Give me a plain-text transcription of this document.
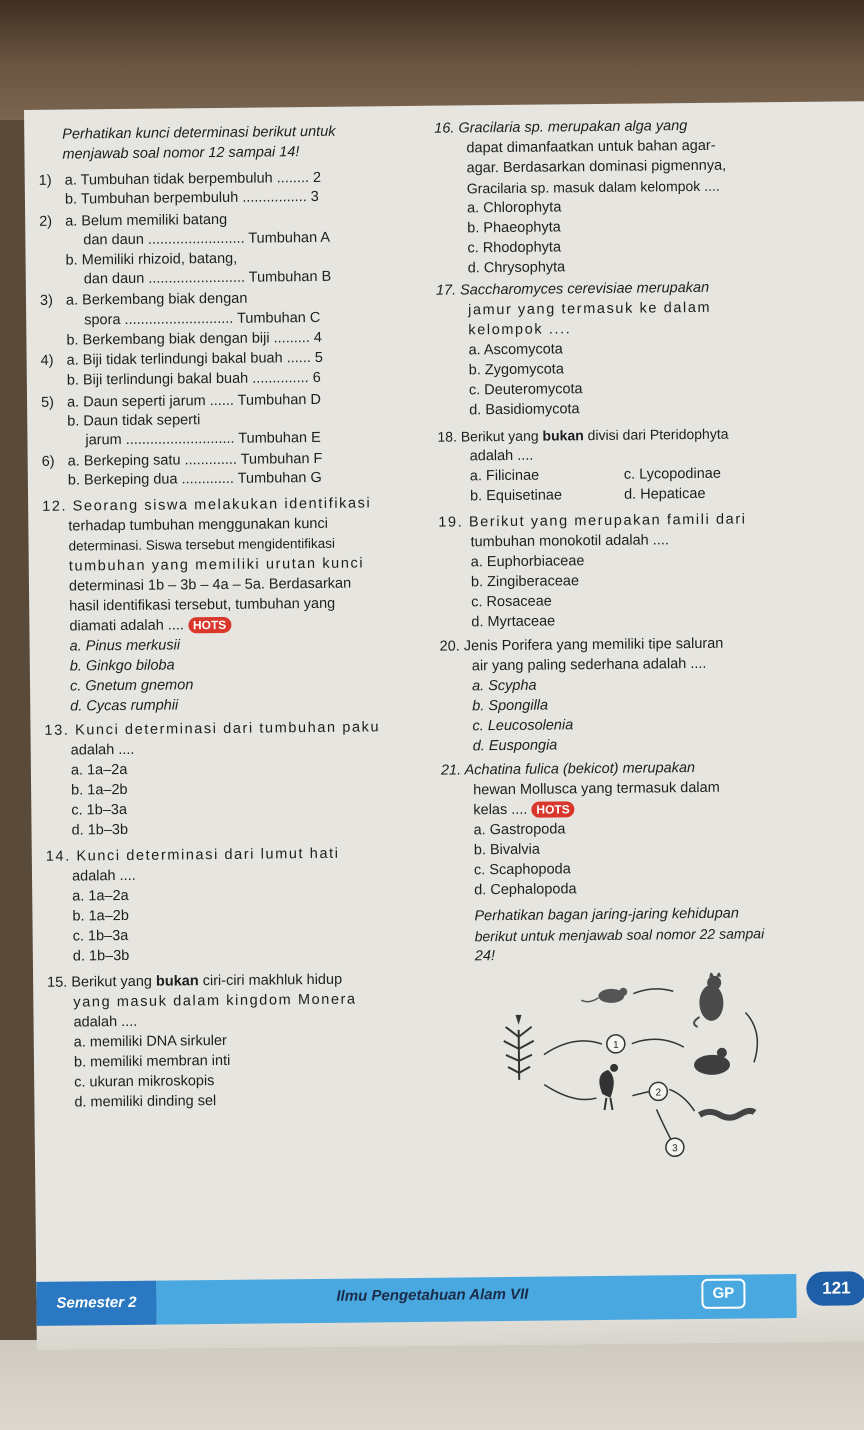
Perhatikan kunci determinasi berikut untuk
menjawab soal nomor 12 sampai 14!
1) a. Tumbuhan tidak berpembuluh ........ 2
b. Tumbuhan berpembuluh ................ 3
2) a. Belum memiliki batang
dan daun ........................ Tumbuhan A
b. Memiliki rhizoid, batang,
dan daun ........................ Tumbuhan B
3) a. Berkembang biak dengan
spora ........................... Tumbuhan C
b. Berkembang biak dengan biji ......... 4
4) a. Biji tidak terlindungi bakal buah ...... 5
b. Biji terlindungi bakal buah .............. 6
5) a. Daun seperti jarum ...... Tumbuhan D
b. Daun tidak seperti
jarum ........................... Tumbuhan E
6) a. Berkeping satu ............. Tumbuhan F
b. Berkeping dua ............. Tumbuhan G
12. Seorang siswa melakukan identifikasi
terhadap tumbuhan menggunakan kunci
determinasi. Siswa tersebut mengidentifikasi
tumbuhan yang memiliki urutan kunci
determinasi 1b – 3b – 4a – 5a. Berdasarkan
hasil identifikasi tersebut, tumbuhan yang
diamati adalah .... HOTS
a. Pinus merkusii
b. Ginkgo biloba
c. Gnetum gnemon
d. Cycas rumphii
13. Kunci determinasi dari tumbuhan paku
adalah ....
a. 1a–2a
b. 1a–2b
c. 1b–3a
d. 1b–3b
14. Kunci determinasi dari lumut hati
adalah ....
a. 1a–2a
b. 1a–2b
c. 1b–3a
d. 1b–3b
15. Berikut yang bukan ciri-ciri makhluk hidup
yang masuk dalam kingdom Monera
adalah ....
a. memiliki DNA sirkuler
b. memiliki membran inti
c. ukuran mikroskopis
d. memiliki dinding sel
16. Gracilaria sp. merupakan alga yang
dapat dimanfaatkan untuk bahan agar-
agar. Berdasarkan dominasi pigmennya,
Gracilaria sp. masuk dalam kelompok ....
a. Chlorophyta
b. Phaeophyta
c. Rhodophyta
d. Chrysophyta
17. Saccharomyces cerevisiae merupakan
jamur yang termasuk ke dalam
kelompok ....
a. Ascomycota
b. Zygomycota
c. Deuteromycota
d. Basidiomycota
18. Berikut yang bukan divisi dari Pteridophyta
adalah ....
a. Filicinae
b. Equisetinae
c. Lycopodinae
d. Hepaticae
19. Berikut yang merupakan famili dari
tumbuhan monokotil adalah ....
a. Euphorbiaceae
b. Zingiberaceae
c. Rosaceae
d. Myrtaceae
20. Jenis Porifera yang memiliki tipe saluran
air yang paling sederhana adalah ....
a. Scypha
b. Spongilla
c. Leucosolenia
d. Euspongia
21. Achatina fulica (bekicot) merupakan
hewan Mollusca yang termasuk dalam
kelas .... HOTS
a. Gastropoda
b. Bivalvia
c. Scaphopoda
d. Cephalopoda
Perhatikan bagan jaring-jaring kehidupan
berikut untuk menjawab soal nomor 22 sampai
24!
1
2
3
Semester 2	Ilmu Pengetahuan Alam VII	GP	121
